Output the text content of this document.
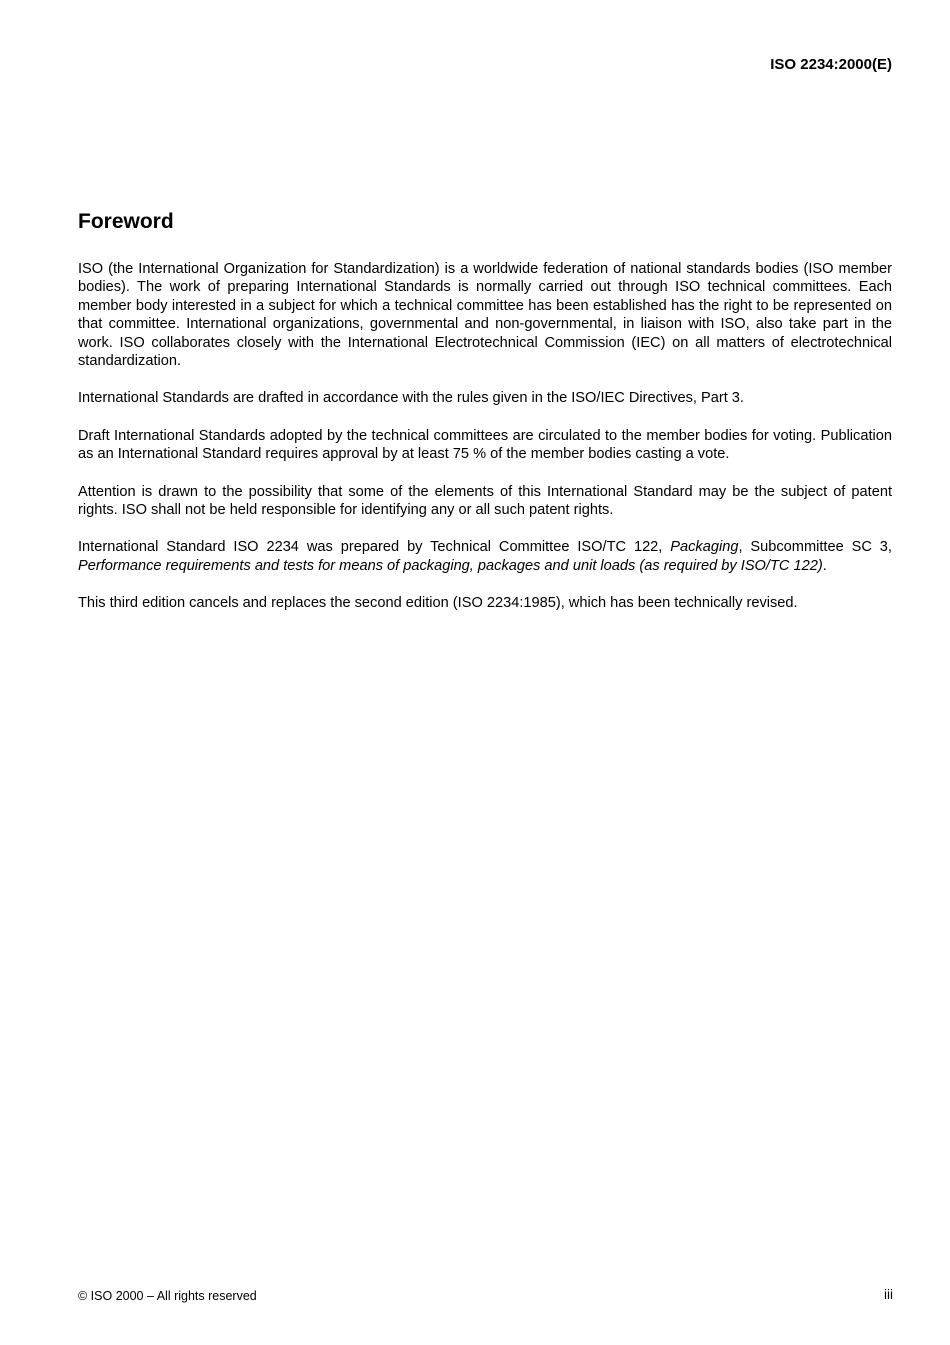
ISO 2234:2000(E)
Foreword

ISO (the International Organization for Standardization) is a worldwide federation of national standards bodies (ISO member bodies). The work of preparing International Standards is normally carried out through ISO technical committees. Each member body interested in a subject for which a technical committee has been established has the right to be represented on that committee. International organizations, governmental and non-governmental, in liaison with ISO, also take part in the work. ISO collaborates closely with the International Electrotechnical Commission (IEC) on all matters of electrotechnical standardization.

International Standards are drafted in accordance with the rules given in the ISO/IEC Directives, Part 3.

Draft International Standards adopted by the technical committees are circulated to the member bodies for voting. Publication as an International Standard requires approval by at least 75 % of the member bodies casting a vote.

Attention is drawn to the possibility that some of the elements of this International Standard may be the subject of patent rights. ISO shall not be held responsible for identifying any or all such patent rights.

International Standard ISO 2234 was prepared by Technical Committee ISO/TC 122, Packaging, Subcommittee SC 3, Performance requirements and tests for means of packaging, packages and unit loads (as required by ISO/TC 122).

This third edition cancels and replaces the second edition (ISO 2234:1985), which has been technically revised.

© ISO 2000 – All rights reserved	iii
